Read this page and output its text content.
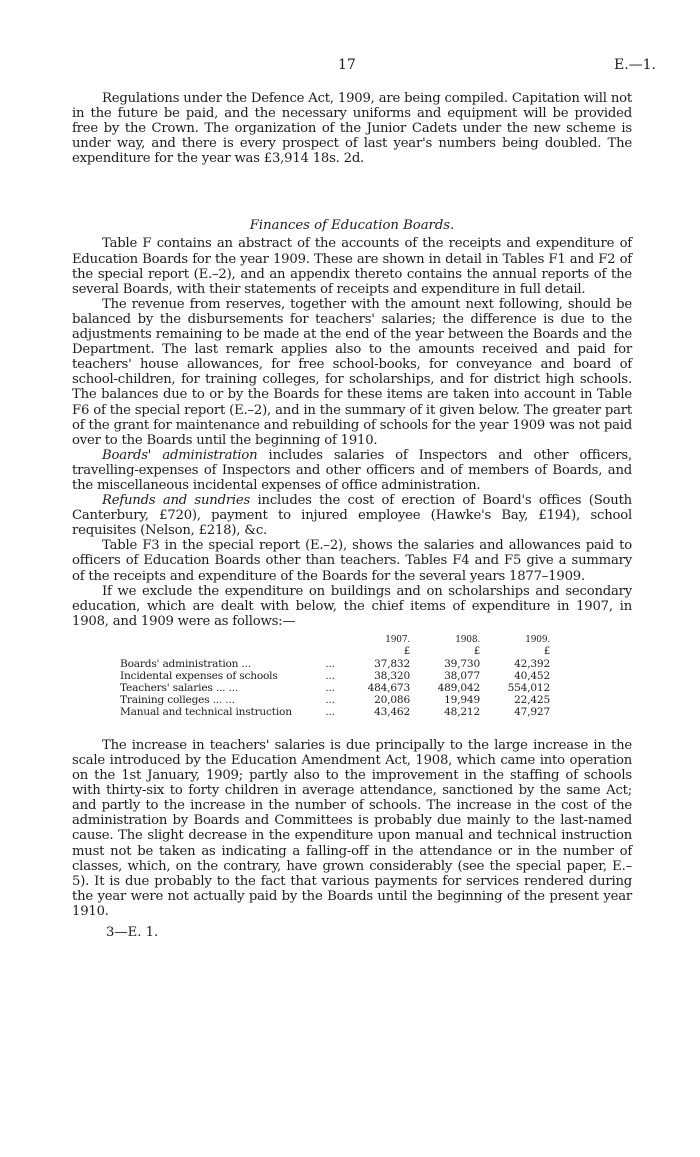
17	E.—1.

Regulations under the Defence Act, 1909, are being compiled. Capitation will not in the future be paid, and the necessary uniforms and equipment will be provided free by the Crown. The organization of the Junior Cadets under the new scheme is under way, and there is every prospect of last year's numbers being doubled. The expenditure for the year was £3,914 18s. 2d.

Finances of Education Boards.

Table F contains an abstract of the accounts of the receipts and expenditure of Education Boards for the year 1909. These are shown in detail in Tables F1 and F2 of the special report (E.–2), and an appendix thereto contains the annual reports of the several Boards, with their statements of receipts and expenditure in full detail.

The revenue from reserves, together with the amount next following, should be balanced by the disbursements for teachers' salaries; the difference is due to the adjustments remaining to be made at the end of the year between the Boards and the Department. The last remark applies also to the amounts received and paid for teachers' house allowances, for free school-books, for conveyance and board of school-children, for training colleges, for scholarships, and for district high schools. The balances due to or by the Boards for these items are taken into account in Table F6 of the special report (E.–2), and in the summary of it given below. The greater part of the grant for maintenance and rebuilding of schools for the year 1909 was not paid over to the Boards until the beginning of 1910.

Boards' administration includes salaries of Inspectors and other officers, travelling-expenses of Inspectors and other officers and of members of Boards, and the miscellaneous incidental expenses of office administration.

Refunds and sundries includes the cost of erection of Board's offices (South Canterbury, £720), payment to injured employee (Hawke's Bay, £194), school requisites (Nelson, £218), &c.

Table F3 in the special report (E.–2), shows the salaries and allowances paid to officers of Education Boards other than teachers. Tables F4 and F5 give a summary of the receipts and expenditure of the Boards for the several years 1877–1909.

If we exclude the expenditure on buildings and on scholarships and secondary education, which are dealt with below, the chief items of expenditure in 1907, in 1908, and 1909 were as follows:—

		1907.	1908.	1909.
		£	£	£
Boards' administration ...	...	37,832	39,730	42,392
Incidental expenses of schools	...	38,320	38,077	40,452
Teachers' salaries ... ...	...	484,673	489,042	554,012
Training colleges ... ...	...	20,086	19,949	22,425
Manual and technical instruction	...	43,462	48,212	47,927

The increase in teachers' salaries is due principally to the large increase in the scale introduced by the Education Amendment Act, 1908, which came into operation on the 1st January, 1909; partly also to the improvement in the staffing of schools with thirty-six to forty children in average attendance, sanctioned by the same Act; and partly to the increase in the number of schools. The increase in the cost of the administration by Boards and Committees is probably due mainly to the last-named cause. The slight decrease in the expenditure upon manual and technical instruction must not be taken as indicating a falling-off in the attendance or in the number of classes, which, on the contrary, have grown considerably (see the special paper, E.–5). It is due probably to the fact that various payments for services rendered during the year were not actually paid by the Boards until the beginning of the present year 1910.

3—E. 1.
